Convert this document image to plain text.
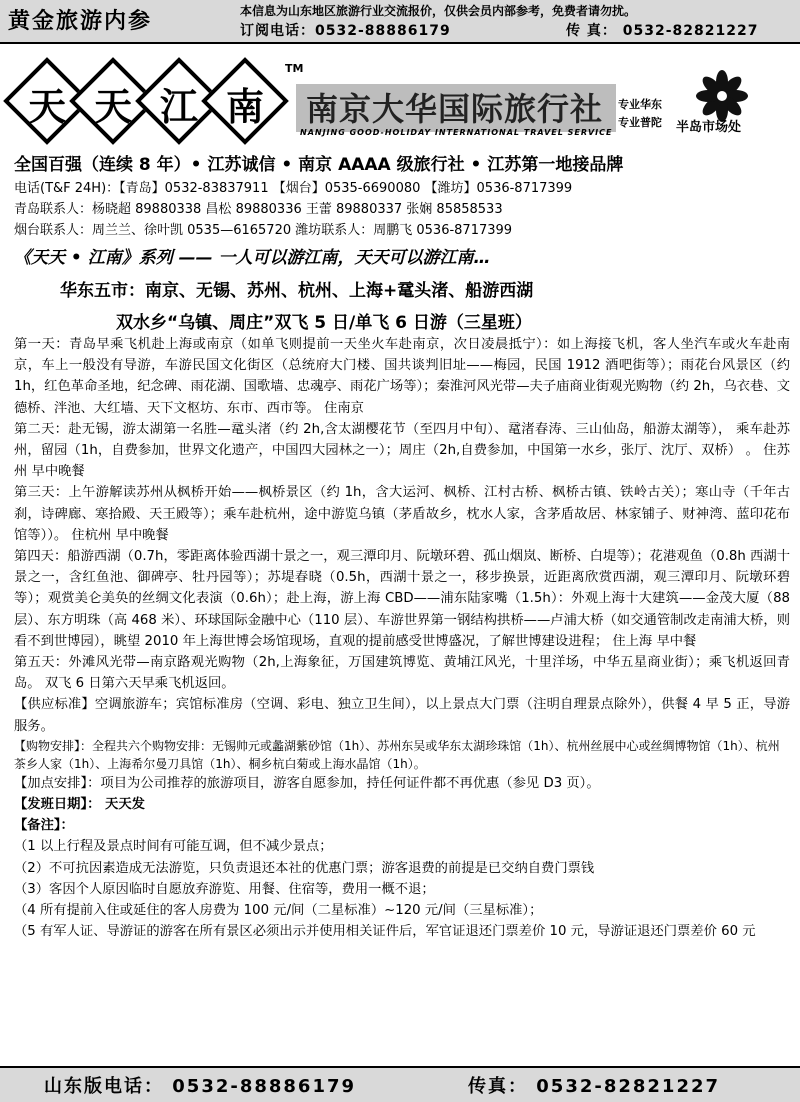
黄金旅游内参	本信息为山东地区旅游行业交流报价，仅供会员内部参考，免费者请勿扰。
订阅电话：0532-88886179	传 真： 0532-82821227
天 天 江 南
TM
南京大华国际旅行社
NANJING GOOD-HOLIDAY INTERNATIONAL TRAVEL SERVICE
专业华东
专业普陀 半岛市场处
全国百强（连续 8 年）• 江苏诚信 • 南京 AAAA 级旅行社 • 江苏第一地接品牌
电话(T&F 24H)：【青岛】0532-83837911 【烟台】0535-6690080 【潍坊】0536-8717399
青岛联系人：杨晓超 89880338 昌松 89880336 王蕾 89880337 张娴 85858533
烟台联系人：周兰兰、徐叶凯 0535—6165720 潍坊联系人：周鹏飞 0536-8717399
《天天 • 江南》系列 —— 一人可以游江南，天天可以游江南…
华东五市：南京、无锡、苏州、杭州、上海+鼋头渚、船游西湖
双水乡“乌镇、周庄”双飞 5 日/单飞 6 日游（三星班）
第一天：青岛早乘飞机赴上海或南京（如单飞则提前一天坐火车赴南京，次日凌晨抵宁）：如上海接飞机，客人坐汽车或火车赴南京，车上一般没有导游，车游民国文化街区（总统府大门楼、国共谈判旧址——梅园，民国 1912 酒吧街等）；雨花台风景区（约 1h，红色革命圣地，纪念碑、雨花湖、国歌墙、忠魂亭、雨花广场等）；秦淮河风光带—夫子庙商业街观光购物（约 2h，乌衣巷、文德桥、泮池、大红墙、天下文枢坊、东市、西市等。 住南京
第二天：赴无锡，游太湖第一名胜—鼋头渚（约 2h,含太湖樱花节（至四月中旬）、鼋渚春涛、三山仙岛，船游太湖等）， 乘车赴苏州，留园（1h，自费参加，世界文化遗产，中国四大园林之一）；周庄（2h,自费参加，中国第一水乡，张厅、沈厅、双桥） 。 住苏州 早中晚餐
第三天：上午游解读苏州从枫桥开始——枫桥景区（约 1h，含大运河、枫桥、江村古桥、枫桥古镇、铁岭古关）；寒山寺（千年古刹，诗碑廊、寒拾殿、天王殿等）；乘车赴杭州，途中游览乌镇（茅盾故乡，枕水人家，含茅盾故居、林家铺子、财神湾、蓝印花布馆等））。 住杭州 早中晚餐
第四天：船游西湖（0.7h，零距离体验西湖十景之一，观三潭印月、阮墩环碧、孤山烟岚、断桥、白堤等）；花港观鱼（0.8h 西湖十景之一，含红鱼池、御碑亭、牡丹园等）；苏堤春晓（0.5h，西湖十景之一，移步换景，近距离欣赏西湖，观三潭印月、阮墩环碧等）；观赏美仑美奂的丝绸文化表演（0.6h）；赴上海，游上海 CBD——浦东陆家嘴（1.5h）：外观上海十大建筑——金茂大厦（88 层）、东方明珠（高 468 米）、环球国际金融中心（110 层）、车游世界第一钢结构拱桥——卢浦大桥（如交通管制改走南浦大桥，则看不到世博园），眺望 2010 年上海世博会场馆现场，直观的提前感受世博盛况，了解世博建设进程； 住上海 早中餐
第五天：外滩风光带—南京路观光购物（2h,上海象征，万国建筑博览、黄埔江风光，十里洋场，中华五星商业街）；乘飞机返回青岛。 双飞 6 日第六天早乘飞机返回。
【供应标准】空调旅游车；宾馆标准房（空调、彩电、独立卫生间），以上景点大门票（注明自理景点除外），供餐 4 早 5 正，导游服务。
【购物安排】：全程共六个购物安排：无锡帅元或蠡湖紫砂馆（1h）、苏州东吴或华东太湖珍珠馆（1h）、杭州丝展中心或丝绸博物馆（1h）、杭州茶乡人家（1h）、上海希尔曼刀具馆（1h）、桐乡杭白菊或上海水晶馆（1h）。
【加点安排】：项目为公司推荐的旅游项目，游客自愿参加，持任何证件都不再优惠（参见 D3 页）。
【发班日期】： 天天发
【备注】：
（1 以上行程及景点时间有可能互调，但不减少景点；
（2）不可抗因素造成无法游览，只负责退还本社的优惠门票；游客退费的前提是已交纳自费门票钱
（3）客因个人原因临时自愿放弃游览、用餐、住宿等，费用一概不退；
（4 所有提前入住或延住的客人房费为 100 元/间（二星标准）~120 元/间（三星标准）；
（5 有军人证、导游证的游客在所有景区必须出示并使用相关证件后，军官证退还门票差价 10 元，导游证退还门票差价 60 元
山东版电话： 0532-88886179	传真： 0532-82821227
